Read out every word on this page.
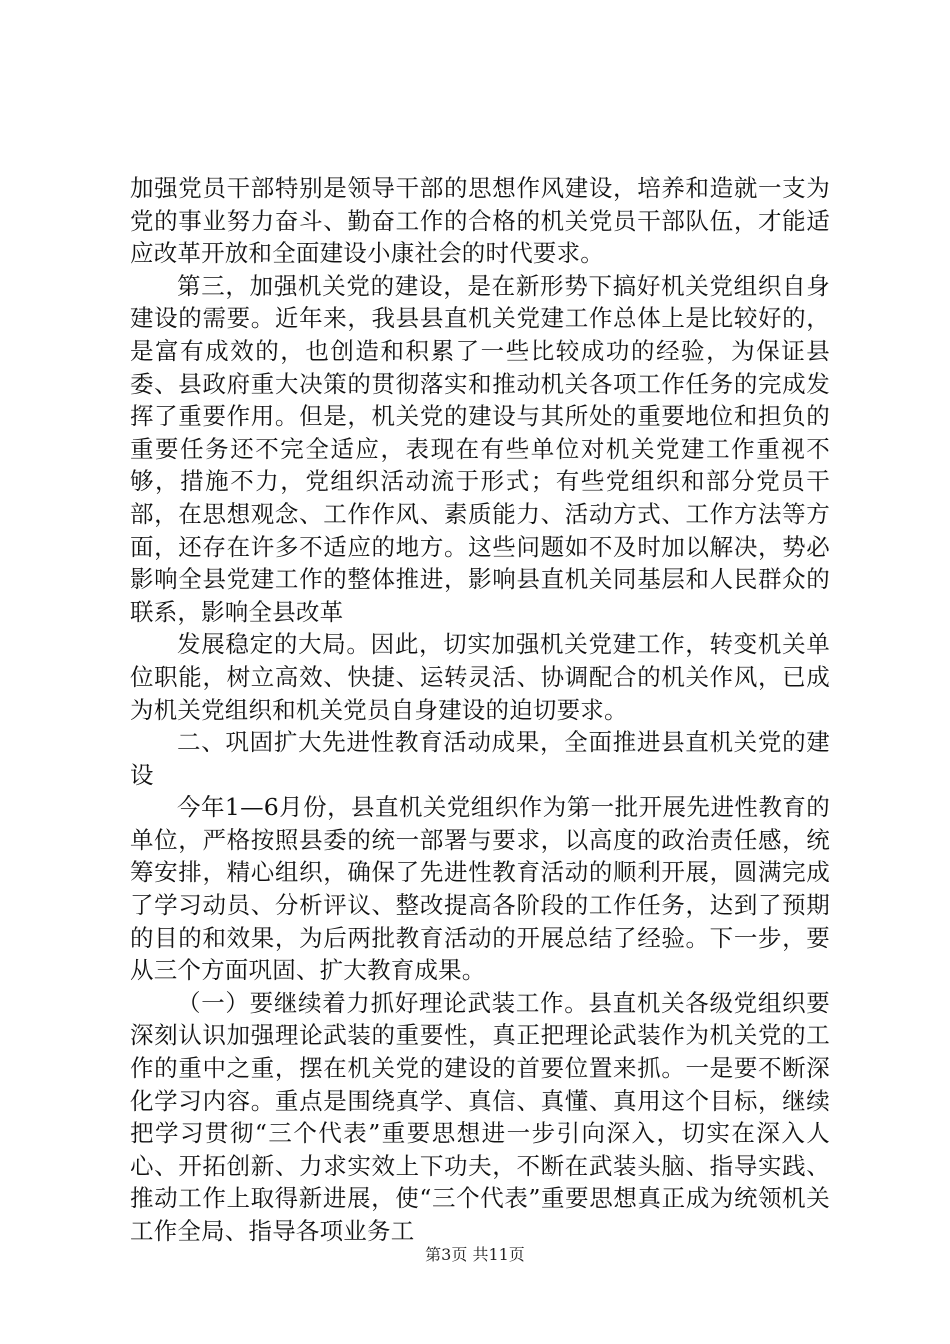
加强党员干部特别是领导干部的思想作风建设，培养和造就一支为党的事业努力奋斗、勤奋工作的合格的机关党员干部队伍，才能适应改革开放和全面建设小康社会的时代要求。

第三，加强机关党的建设，是在新形势下搞好机关党组织自身建设的需要。近年来，我县县直机关党建工作总体上是比较好的，是富有成效的，也创造和积累了一些比较成功的经验，为保证县委、县政府重大决策的贯彻落实和推动机关各项工作任务的完成发挥了重要作用。但是，机关党的建设与其所处的重要地位和担负的重要任务还不完全适应，表现在有些单位对机关党建工作重视不够，措施不力，党组织活动流于形式；有些党组织和部分党员干部，在思想观念、工作作风、素质能力、活动方式、工作方法等方面，还存在许多不适应的地方。这些问题如不及时加以解决，势必影响全县党建工作的整体推进，影响县直机关同基层和人民群众的联系，影响全县改革

发展稳定的大局。因此，切实加强机关党建工作，转变机关单位职能，树立高效、快捷、运转灵活、协调配合的机关作风，已成为机关党组织和机关党员自身建设的迫切要求。

二、巩固扩大先进性教育活动成果，全面推进县直机关党的建设

今年1—6月份，县直机关党组织作为第一批开展先进性教育的单位，严格按照县委的统一部署与要求，以高度的政治责任感，统筹安排，精心组织，确保了先进性教育活动的顺利开展，圆满完成了学习动员、分析评议、整改提高各阶段的工作任务，达到了预期的目的和效果，为后两批教育活动的开展总结了经验。下一步，要从三个方面巩固、扩大教育成果。

（一）要继续着力抓好理论武装工作。县直机关各级党组织要深刻认识加强理论武装的重要性，真正把理论武装作为机关党的工作的重中之重，摆在机关党的建设的首要位置来抓。一是要不断深化学习内容。重点是围绕真学、真信、真懂、真用这个目标，继续把学习贯彻“三个代表”重要思想进一步引向深入，切实在深入人心、开拓创新、力求实效上下功夫，不断在武装头脑、指导实践、推动工作上取得新进展，使“三个代表”重要思想真正成为统领机关工作全局、指导各项业务工

第3页 共11页
